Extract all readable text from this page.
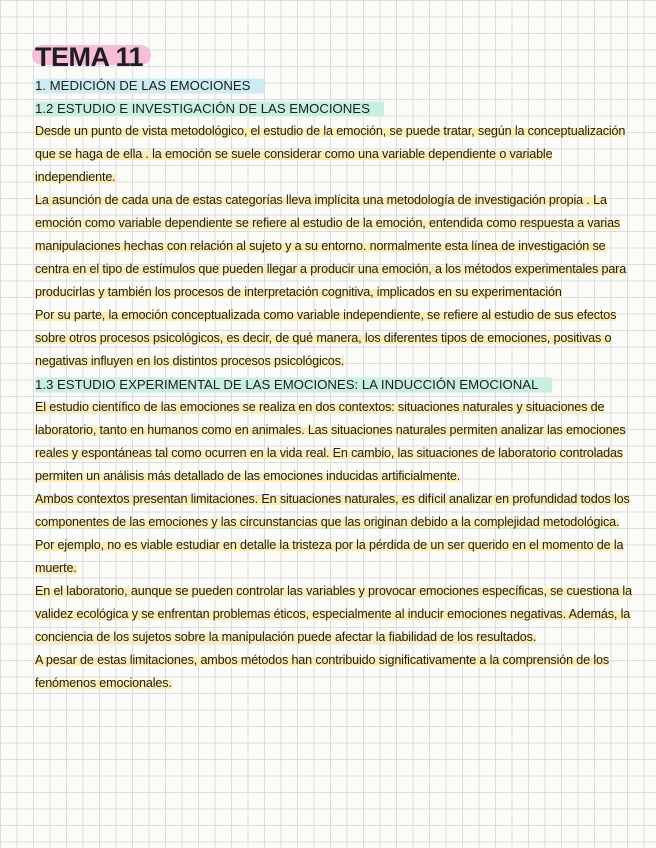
TEMA 11
1. MEDICIÓN DE LAS EMOCIONES
1.2 ESTUDIO E INVESTIGACIÓN DE LAS EMOCIONES

Desde un punto de vista metodológico, el estudio de la emoción, se puede tratar, según la conceptualización que se haga de ella . la emoción se suele considerar como una variable dependiente o variable independiente.

La asunción de cada una de estas categorías lleva implícita una metodología de investigación propia . La emoción como variable dependiente se refiere al estudio de la emoción, entendida como respuesta a varias manipulaciones hechas con relación al sujeto y a su entorno. normalmente esta línea de investigación se centra en el tipo de estímulos que pueden llegar a producir una emoción, a los métodos experimentales para producirlas y también los procesos de interpretación cognitiva, implicados en su experimentación

Por su parte, la emoción conceptualizada como variable independiente, se refiere al estudio de sus efectos sobre otros procesos psicológicos, es decir, de qué manera, los diferentes tipos de emociones, positivas o negativas influyen en los distintos procesos psicológicos.

1.3 ESTUDIO EXPERIMENTAL DE LAS EMOCIONES: LA INDUCCIÓN EMOCIONAL

El estudio científico de las emociones se realiza en dos contextos: situaciones naturales y situaciones de laboratorio, tanto en humanos como en animales. Las situaciones naturales permiten analizar las emociones reales y espontáneas tal como ocurren en la vida real. En cambio, las situaciones de laboratorio controladas permiten un análisis más detallado de las emociones inducidas artificialmente.

Ambos contextos presentan limitaciones. En situaciones naturales, es difícil analizar en profundidad todos los componentes de las emociones y las circunstancias que las originan debido a la complejidad metodológica. Por ejemplo, no es viable estudiar en detalle la tristeza por la pérdida de un ser querido en el momento de la muerte.

En el laboratorio, aunque se pueden controlar las variables y provocar emociones específicas, se cuestiona la validez ecológica y se enfrentan problemas éticos, especialmente al inducir emociones negativas. Además, la conciencia de los sujetos sobre la manipulación puede afectar la fiabilidad de los resultados.

A pesar de estas limitaciones, ambos métodos han contribuido significativamente a la comprensión de los fenómenos emocionales.
